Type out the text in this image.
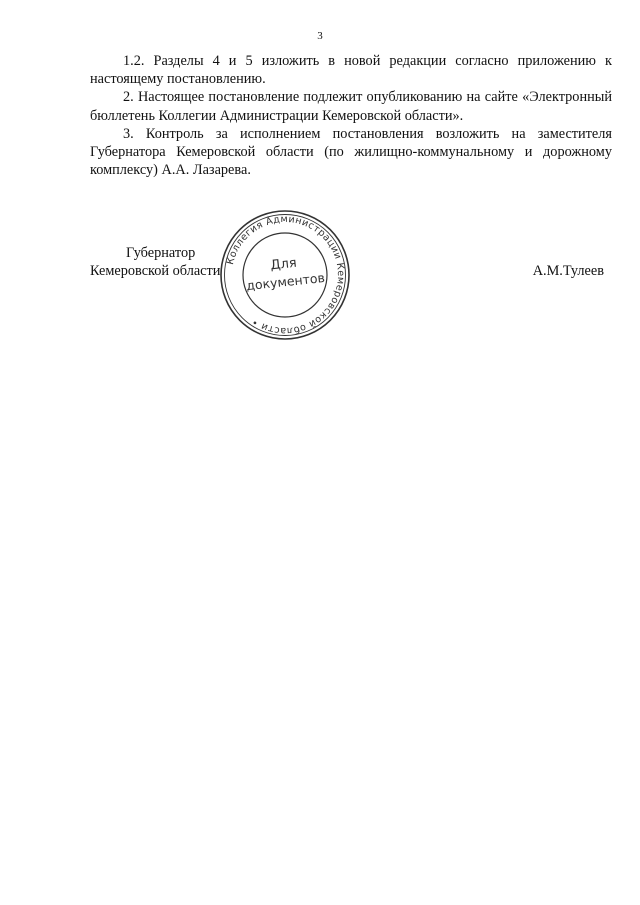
3

1.2. Разделы 4 и 5 изложить в новой редакции согласно приложению к настоящему постановлению.

2. Настоящее постановление подлежит опубликованию на сайте «Электронный бюллетень Коллегии Администрации Кемеровской области».

3. Контроль за исполнением постановления возложить на заместителя Губернатора Кемеровской области (по жилищно-коммунальному и дорожному комплексу) А.А. Лазарева.

Губернатор
Кемеровской области	А.М.Тулеев
Коллегия Администрации Кемеровской области •
Для
документов
